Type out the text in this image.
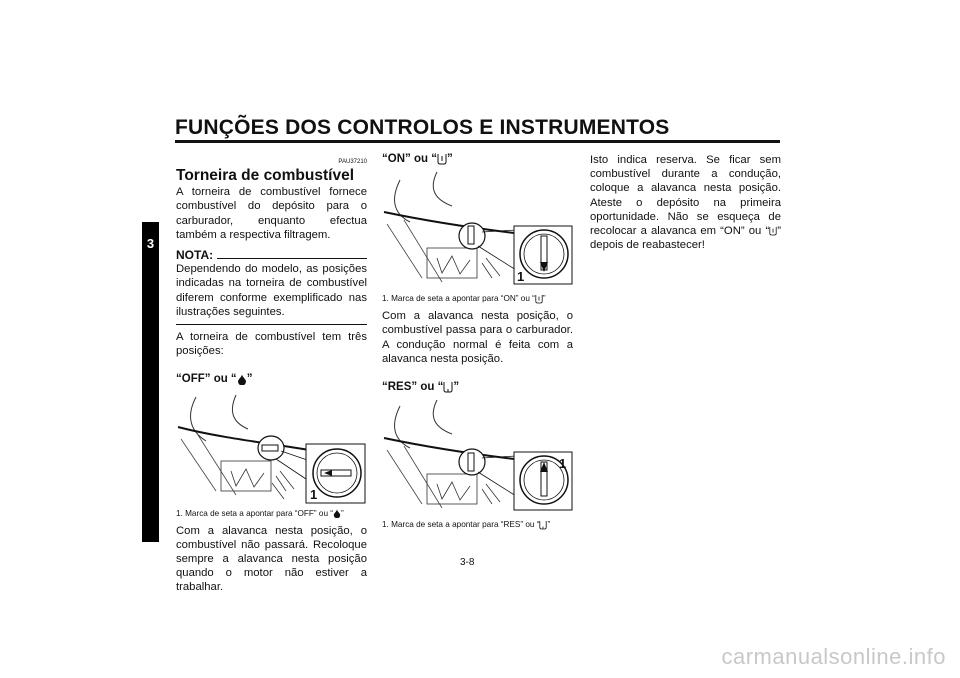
FUNÇÕES DOS CONTROLOS E INSTRUMENTOS
3
PAU37210
Torneira de combustível

A torneira de combustível fornece combustível do depósito para o carburador, enquanto efectua também a respectiva filtragem.

NOTA:

Dependendo do modelo, as posições indicadas na torneira de combustível diferem conforme exemplificado nas ilustrações seguintes.

A torneira de combustível tem três posições:

“OFF” ou “ ”
1
1. Marca de seta a apontar para “OFF” ou “ ”

Com a alavanca nesta posição, o combustível não passará. Recoloque sempre a alavanca nesta posição quando o motor não estiver a trabalhar.

“ON” ou “ ”
1
1. Marca de seta a apontar para “ON” ou “ ”

Com a alavanca nesta posição, o combustível passa para o carburador. A condução normal é feita com a alavanca nesta posição.

“RES” ou “ ”
1
1. Marca de seta a apontar para “RES” ou “ ”

Isto indica reserva. Se ficar sem combustível durante a condução, coloque a alavanca nesta posição. Ateste o depósito na primeira oportunidade. Não se esqueça de recolocar a alavanca em “ON” ou “ ” depois de reabastecer!

3-8
carmanualsonline.info
